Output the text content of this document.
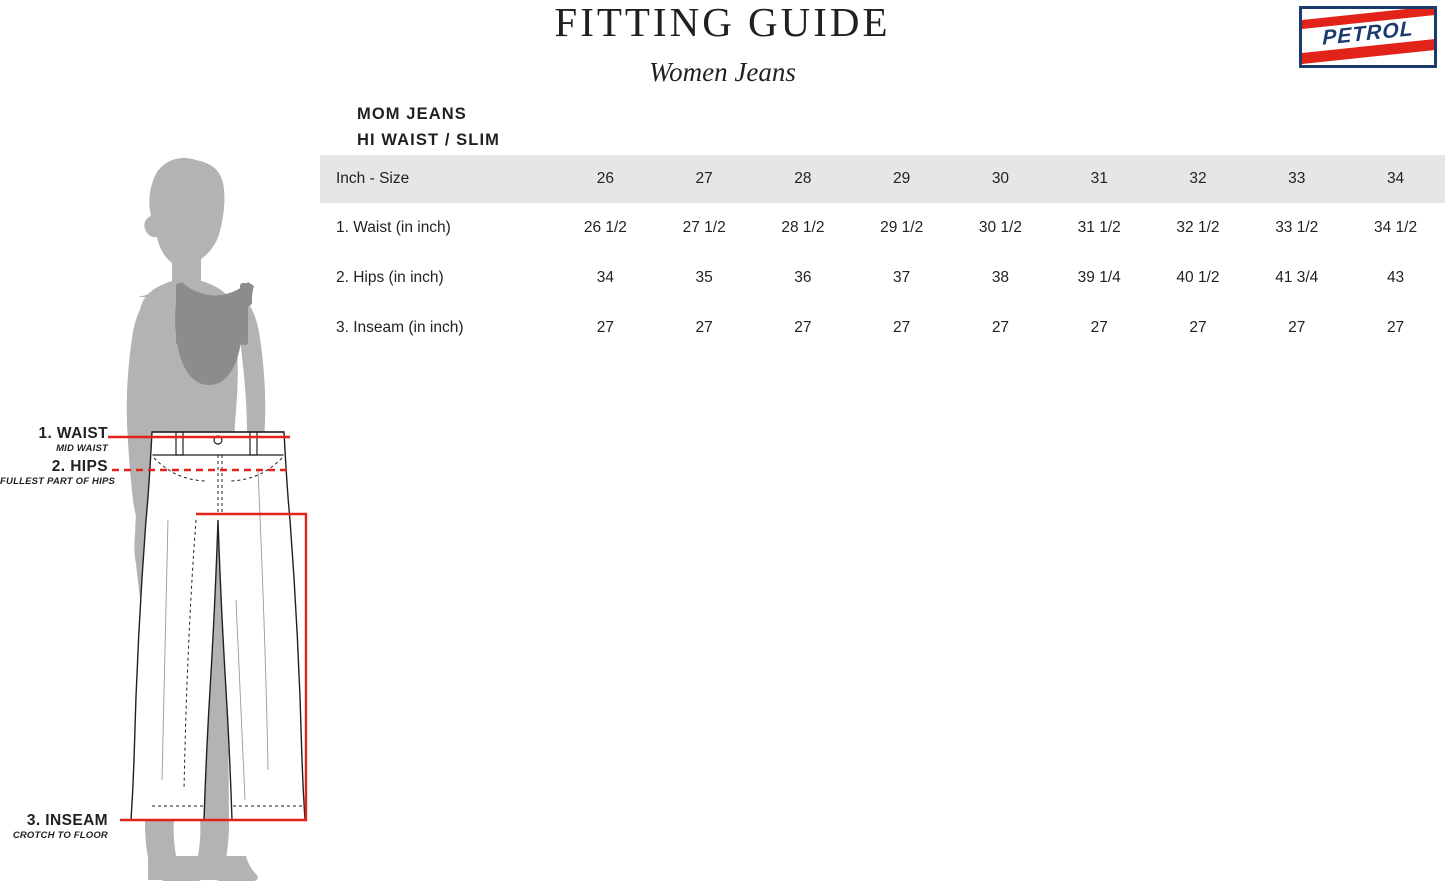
FITTING GUIDE
Women Jeans
PETROL
MOM JEANS
HI WAIST / SLIM
Inch - Size	26	27	28	29	30	31	32	33	34
1. Waist (in inch)	26 1/2	27 1/2	28 1/2	29 1/2	30 1/2	31 1/2	32 1/2	33 1/2	34 1/2
2. Hips (in inch)	34	35	36	37	38	39 1/4	40 1/2	41 3/4	43
3. Inseam (in inch)	27	27	27	27	27	27	27	27	27
1. WAIST
MID WAIST
2. HIPS
FULLEST PART OF HIPS
3. INSEAM
CROTCH TO FLOOR
